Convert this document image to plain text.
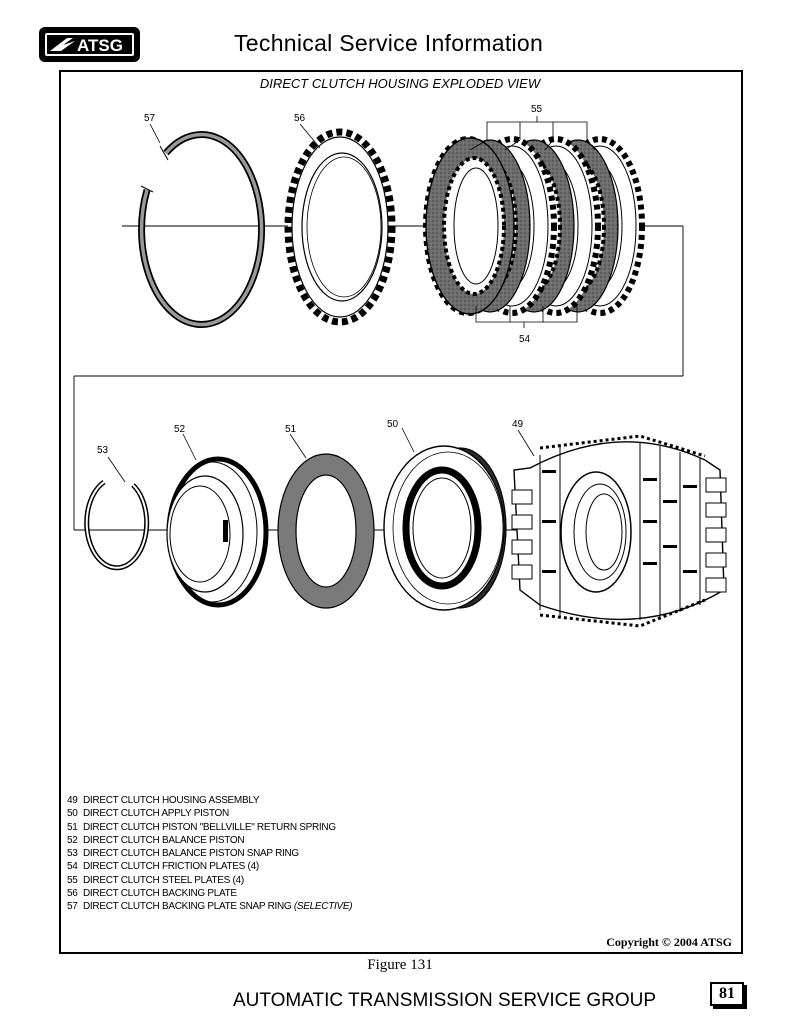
ATSG	Technical Service Information
DIRECT CLUTCH HOUSING EXPLODED VIEW
57	56
55
54
53
52	51	50	49
49 DIRECT CLUTCH HOUSING ASSEMBLY
50 DIRECT CLUTCH APPLY PISTON
51 DIRECT CLUTCH PISTON "BELLVILLE" RETURN SPRING
52 DIRECT CLUTCH BALANCE PISTON
53 DIRECT CLUTCH BALANCE PISTON SNAP RING
54 DIRECT CLUTCH FRICTION PLATES (4)
55 DIRECT CLUTCH STEEL PLATES (4)
56 DIRECT CLUTCH BACKING PLATE
57 DIRECT CLUTCH BACKING PLATE SNAP RING (SELECTIVE)
Copyright © 2004 ATSG
Figure 131
AUTOMATIC TRANSMISSION SERVICE GROUP	81
